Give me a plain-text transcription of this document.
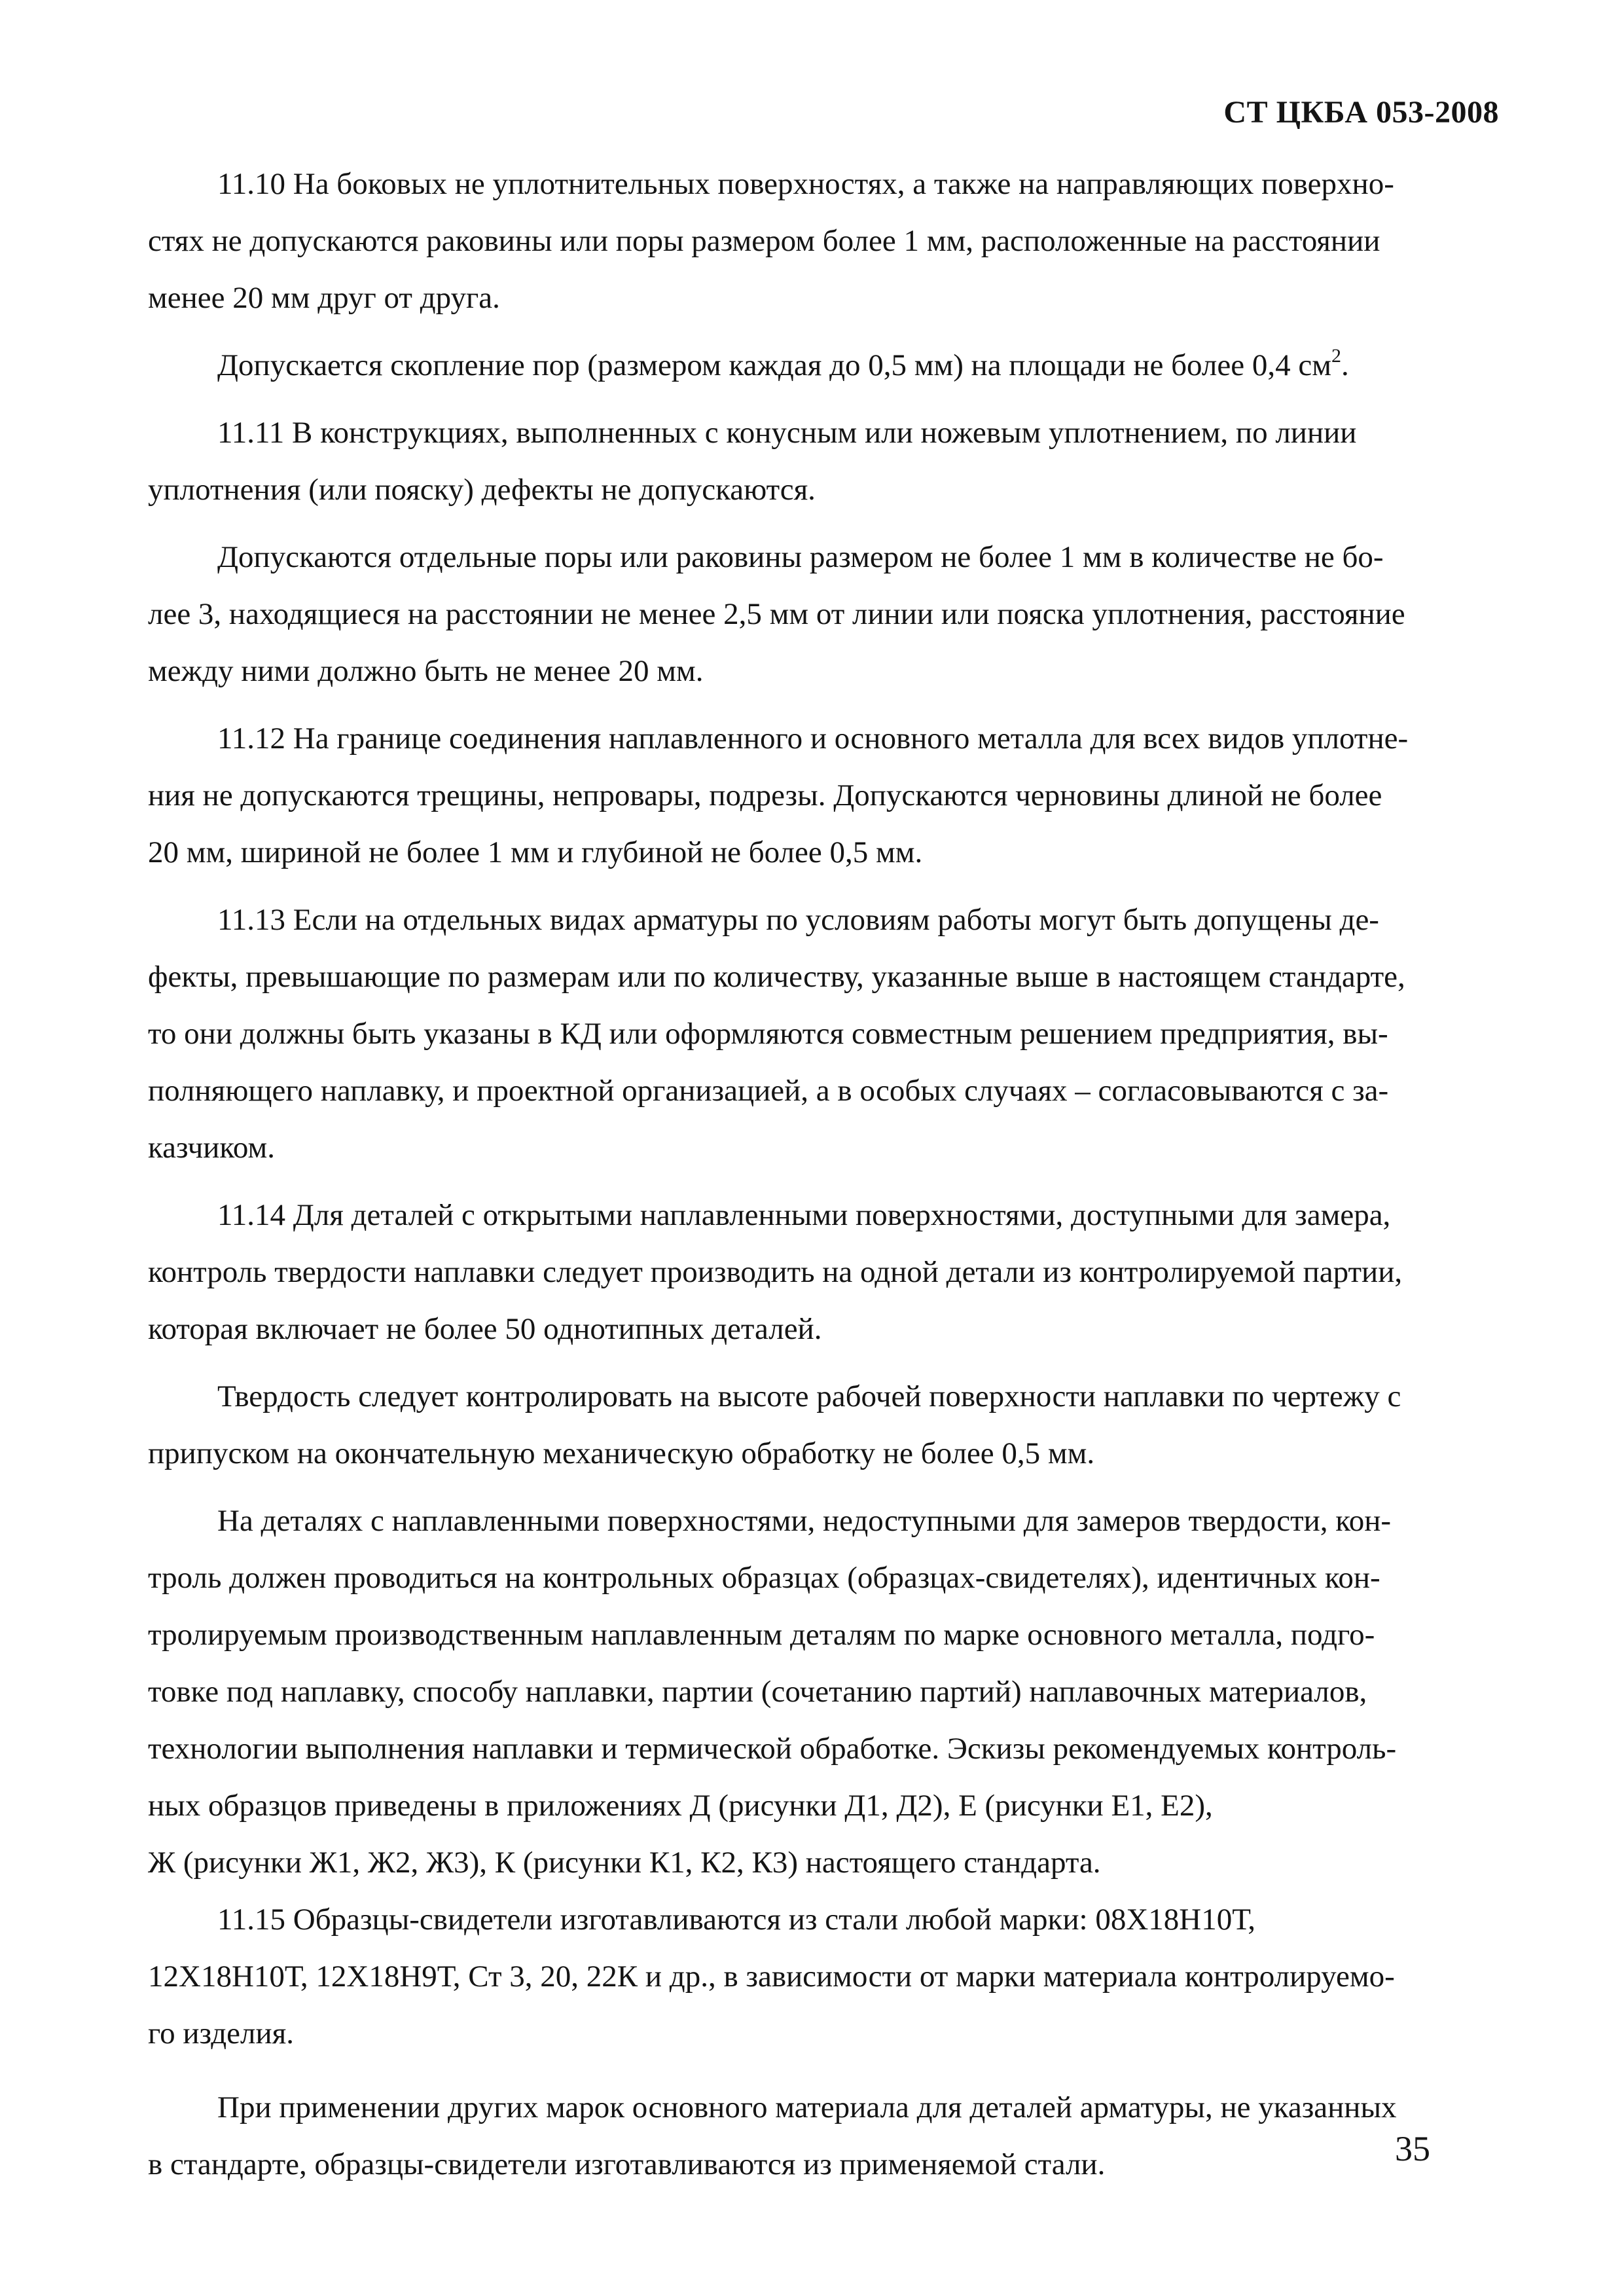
СТ ЦКБА 053-2008

11.10 На боковых не уплотнительных поверхностях, а также на направляющих поверхно-
стях не допускаются раковины или поры размером более 1 мм, расположенные на расстоянии
менее 20 мм друг от друга.

Допускается скопление пор (размером каждая до 0,5 мм) на площади не более 0,4 $см^2$.

11.11 В конструкциях, выполненных с конусным или ножевым уплотнением, по линии
уплотнения (или пояску) дефекты не допускаются.

Допускаются отдельные поры или раковины размером не более 1 мм в количестве не бо-
лее 3, находящиеся на расстоянии не менее 2,5 мм от линии или пояска уплотнения, расстояние
между ними должно быть не менее 20 мм.

11.12 На границе соединения наплавленного и основного металла для всех видов уплотне-
ния не допускаются трещины, непровары, подрезы. Допускаются черновины длиной не более
20 мм, шириной не более 1 мм и глубиной не более 0,5 мм.

11.13 Если на отдельных видах арматуры по условиям работы могут быть допущены де-
фекты, превышающие по размерам или по количеству, указанные выше в настоящем стандарте,
то они должны быть указаны в КД или оформляются совместным решением предприятия, вы-
полняющего наплавку, и проектной организацией, а в особых случаях – согласовываются с за-
казчиком.

11.14 Для деталей с открытыми наплавленными поверхностями, доступными для замера,
контроль твердости наплавки следует производить на одной детали из контролируемой партии,
которая включает не более 50 однотипных деталей.

Твердость следует контролировать на высоте рабочей поверхности наплавки по чертежу с
припуском на окончательную механическую обработку не более 0,5 мм.

На деталях с наплавленными поверхностями, недоступными для замеров твердости, кон-
троль должен проводиться на контрольных образцах (образцах-свидетелях), идентичных кон-
тролируемым производственным наплавленным деталям по марке основного металла, подго-
товке под наплавку, способу наплавки, партии (сочетанию партий) наплавочных материалов,
технологии выполнения наплавки и термической обработке. Эскизы рекомендуемых контроль-
ных образцов приведены в приложениях Д (рисунки Д1, Д2), Е (рисунки Е1, Е2),
Ж (рисунки Ж1, Ж2, Ж3), К (рисунки К1, К2, К3) настоящего стандарта.

11.15 Образцы-свидетели изготавливаются из стали любой марки: 08Х18Н10Т,
12Х18Н10Т, 12Х18Н9Т, Ст 3, 20, 22К и др., в зависимости от марки материала контролируемо-
го изделия.

При применении других марок основного материала для деталей арматуры, не указанных
в стандарте, образцы-свидетели изготавливаются из применяемой стали.	35
